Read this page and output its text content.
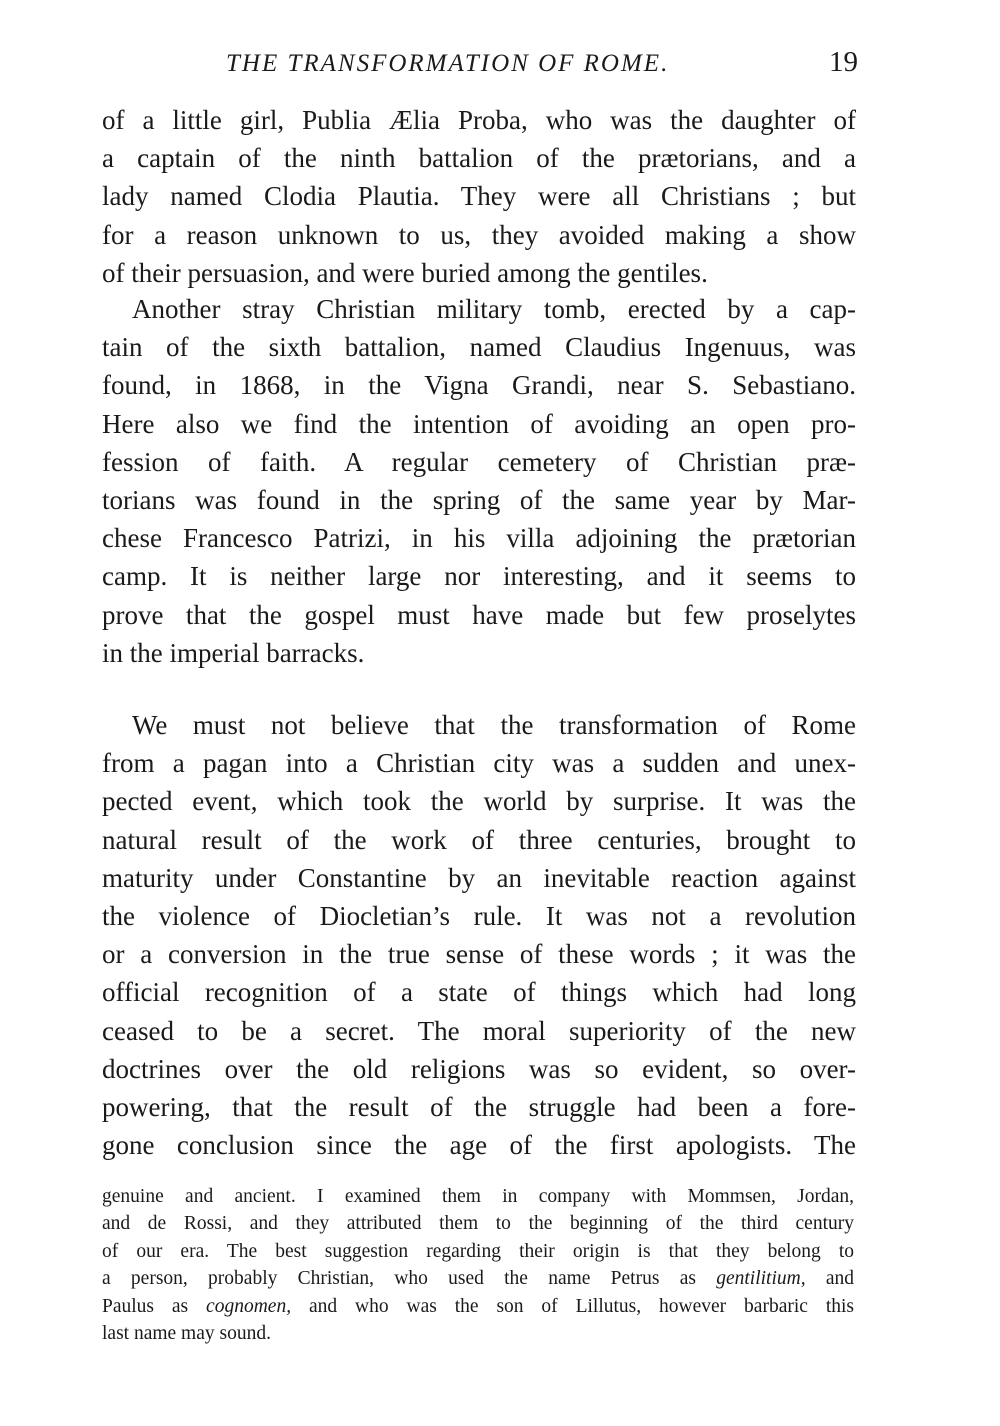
THE TRANSFORMATION OF ROME.	19
of a little girl, Publia Ælia Proba, who was the daughter of
a captain of the ninth battalion of the prætorians, and a
lady named Clodia Plautia. They were all Christians ; but
for a reason unknown to us, they avoided making a show
of their persuasion, and were buried among the gentiles.
Another stray Christian military tomb, erected by a cap-
tain of the sixth battalion, named Claudius Ingenuus, was
found, in 1868, in the Vigna Grandi, near S. Sebastiano.
Here also we find the intention of avoiding an open pro-
fession of faith. A regular cemetery of Christian præ-
torians was found in the spring of the same year by Mar-
chese Francesco Patrizi, in his villa adjoining the prætorian
camp. It is neither large nor interesting, and it seems to
prove that the gospel must have made but few proselytes
in the imperial barracks.
We must not believe that the transformation of Rome
from a pagan into a Christian city was a sudden and unex-
pected event, which took the world by surprise. It was the
natural result of the work of three centuries, brought to
maturity under Constantine by an inevitable reaction against
the violence of Diocletian’s rule. It was not a revolution
or a conversion in the true sense of these words ; it was the
official recognition of a state of things which had long
ceased to be a secret. The moral superiority of the new
doctrines over the old religions was so evident, so over-
powering, that the result of the struggle had been a fore-
gone conclusion since the age of the first apologists. The
genuine and ancient. I examined them in company with Mommsen, Jordan,
and de Rossi, and they attributed them to the beginning of the third century
of our era. The best suggestion regarding their origin is that they belong to
a person, probably Christian, who used the name Petrus as gentilitium, and
Paulus as cognomen, and who was the son of Lillutus, however barbaric this
last name may sound.
